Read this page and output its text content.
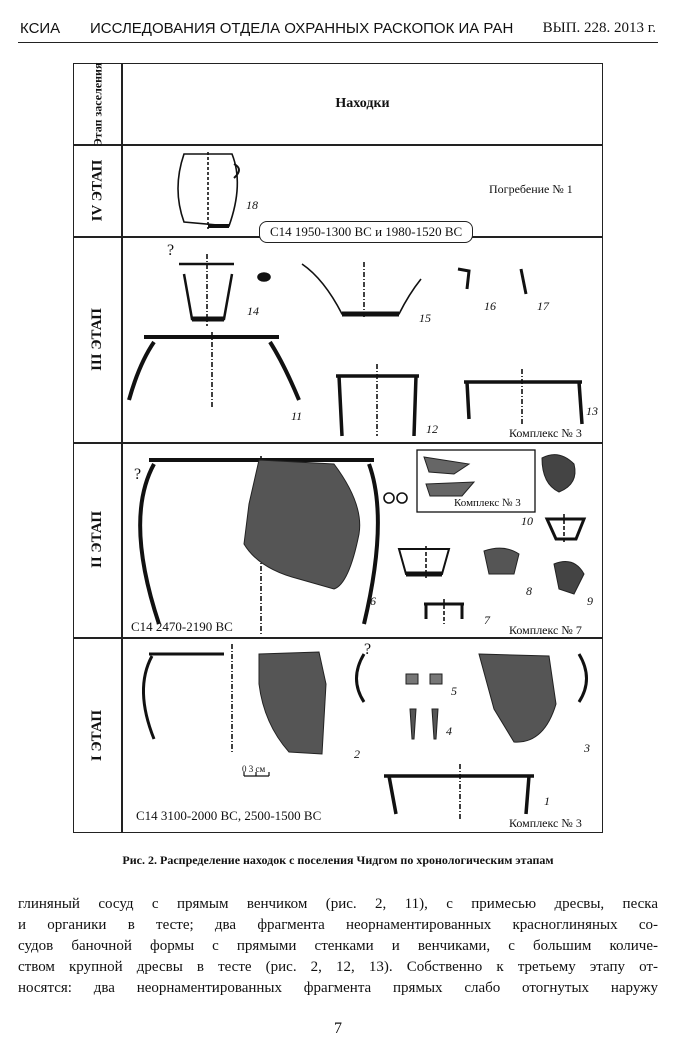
КСИА ИССЛЕДОВАНИЯ ОТДЕЛА ОХРАННЫХ РАСКОПОК ИА РАН ВЫП. 228. 2013 г.
Этап заселения	Находки
IV ЭТАП
III ЭТАП
II ЭТАП
I ЭТАП
Погребение № 1
С14 1950-1300 ВС и 1980-1520 ВС
18
?
14	15
16	17
11
12
13
Комплекс № 3
?
Комплекс № 3
6
10
8
9
7
С14 2470-2190 ВС	Комплекс № 7
?
2
5
4
3
1
0 3 см
С14 3100-2000 ВС, 2500-1500 ВС	Комплекс № 3
Рис. 2. Распределение находок с поселения Чидгом по хронологическим этапам

глиняный сосуд с прямым венчиком (рис. 2, 11), с примесью дресвы, песка

и органики в тесте; два фрагмента неорнаментированных красноглиняных со-

судов баночной формы с прямыми стенками и венчиками, с большим количе-

ством крупной дресвы в тесте (рис. 2, 12, 13). Собственно к третьему этапу от-

носятся: два неорнаментированных фрагмента прямых слабо отогнутых наружу

7
